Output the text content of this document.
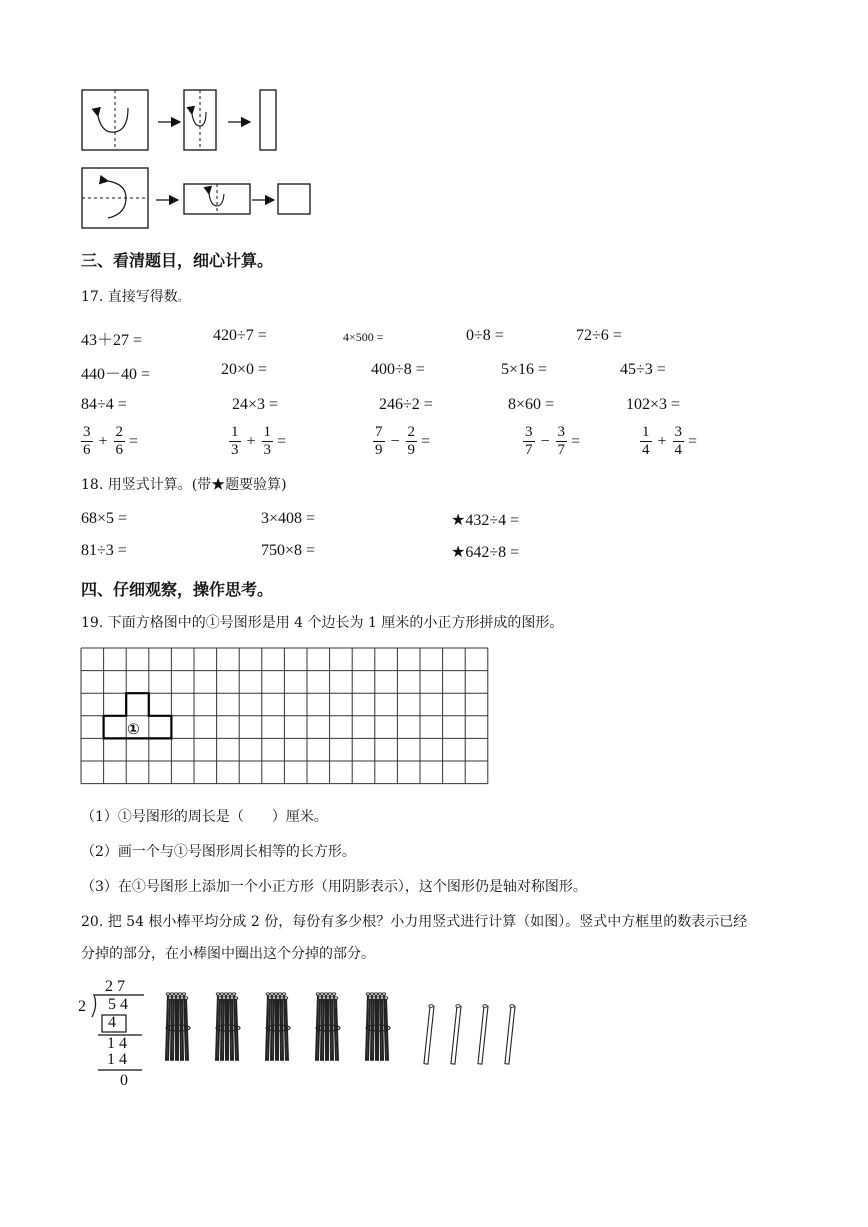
三、看清题目，细心计算。
17. 直接写得数。
43＋27 =	420÷7 =	4×500 =	0÷8 =	72÷6 =
440－40 =	20×0 =	400÷8 =	5×16 =	45÷3 =
84÷4 =	24×3 =	246÷2 =	8×60 =	102×3 =
$\frac{3}{6} + \frac{2}{6}$ =	$\frac{1}{3} + \frac{1}{3}$ =	$\frac{7}{9} - \frac{2}{9}$ =	$\frac{3}{7} - \frac{3}{7}$ =	$\frac{1}{4} + \frac{3}{4}$ =
18. 用竖式计算。(带★题要验算)
68×5 =	3×408 =	★432÷4 =
81÷3 =	750×8 =	★642÷8 =
四、仔细观察，操作思考。
19. 下面方格图中的①号图形是用 4 个边长为 1 厘米的小正方形拼成的图形。
①
（1）①号图形的周长是（　　）厘米。
（2）画一个与①号图形周长相等的长方形。
（3）在①号图形上添加一个小正方形（用阴影表示），这个图形仍是轴对称图形。
20. 把 54 根小棒平均分成 2 份，每份有多少根？小力用竖式进行计算（如图）。竖式中方框里的数表示已经
分掉的部分，在小棒图中圈出这个分掉的部分。
2 7
2 5 4
4
1 4
1 4
0
